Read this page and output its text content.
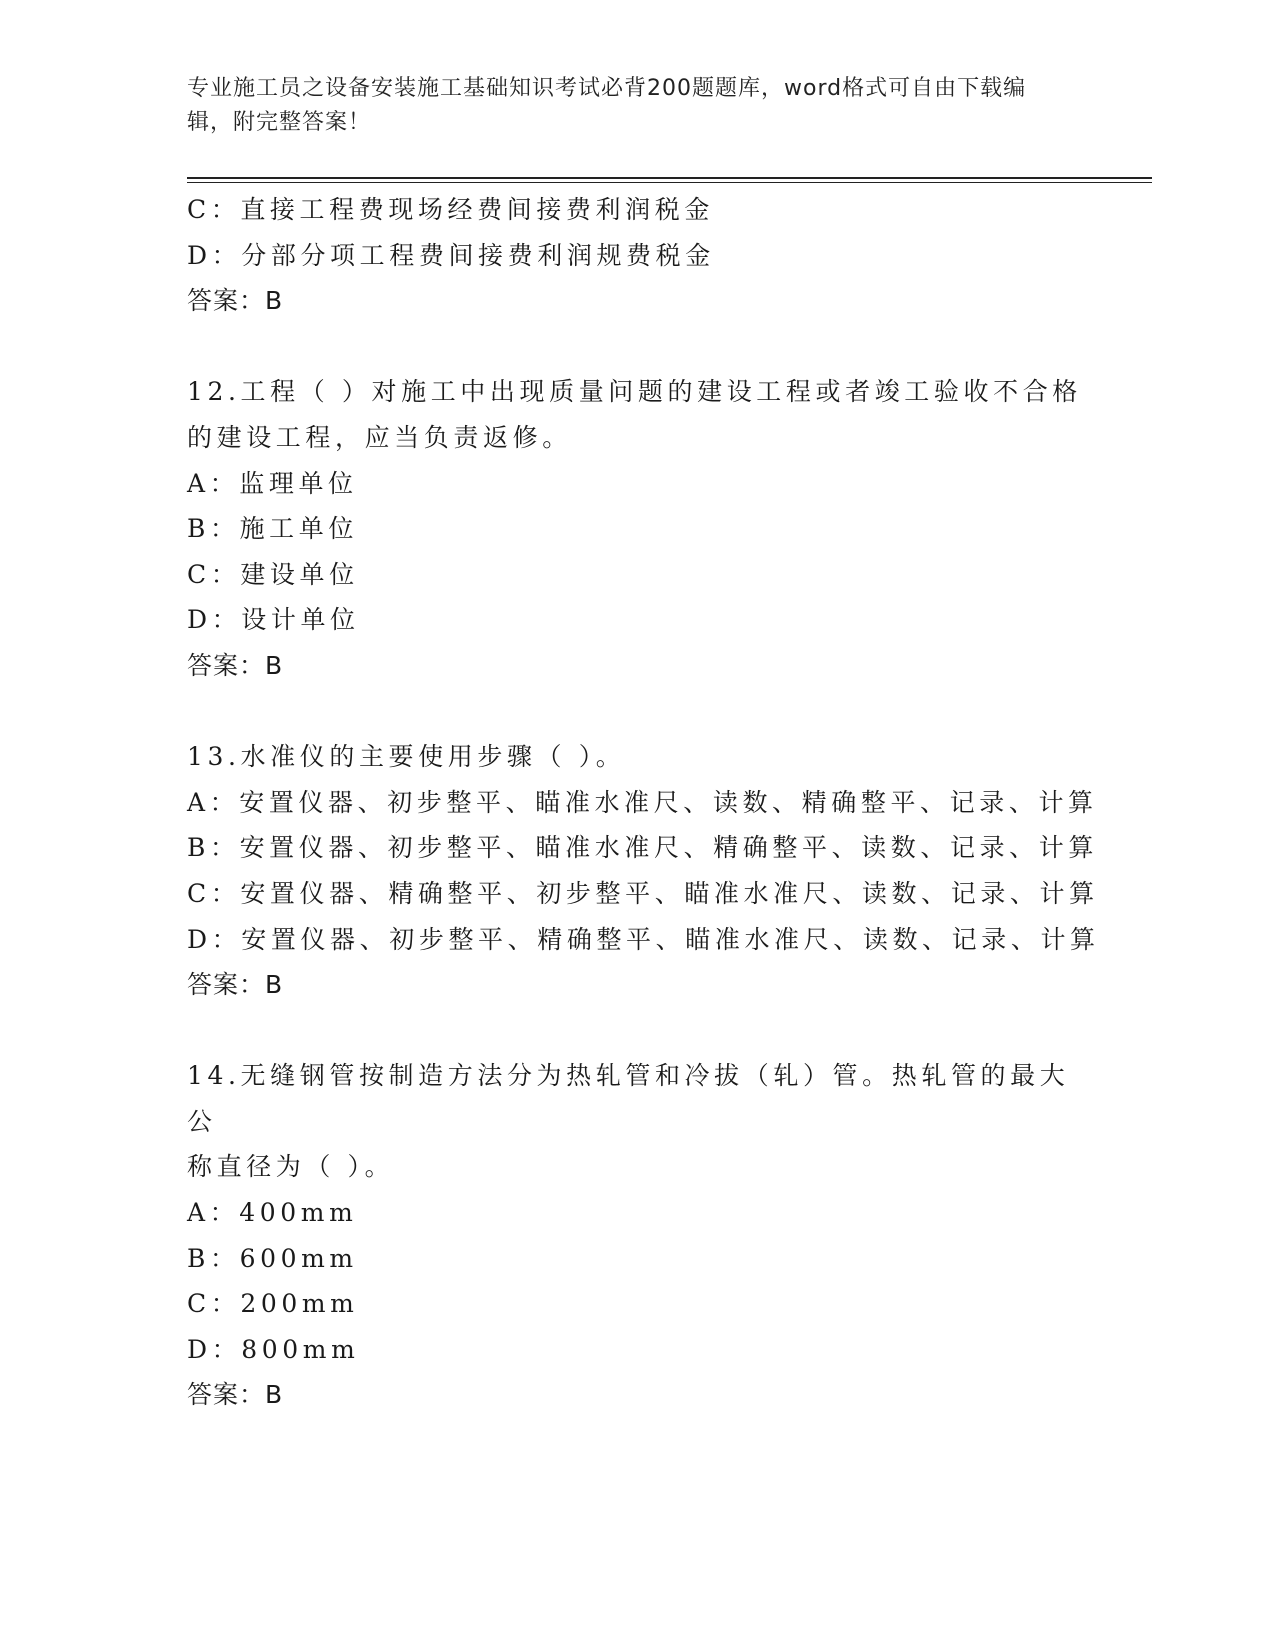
专业施工员之设备安装施工基础知识考试必背200题题库，word格式可自由下载编辑，附完整答案！
C：直接工程费现场经费间接费利润税金
D：分部分项工程费间接费利润规费税金
答案：B
12.工程（ ）对施工中出现质量问题的建设工程或者竣工验收不合格
的建设工程，应当负责返修。
A：监理单位
B：施工单位
C：建设单位
D：设计单位
答案：B
13.水准仪的主要使用步骤（ ）。
A：安置仪器、初步整平、瞄准水准尺、读数、精确整平、记录、计算
B：安置仪器、初步整平、瞄准水准尺、精确整平、读数、记录、计算
C：安置仪器、精确整平、初步整平、瞄准水准尺、读数、记录、计算
D：安置仪器、初步整平、精确整平、瞄准水准尺、读数、记录、计算
答案：B
14.无缝钢管按制造方法分为热轧管和冷拔（轧）管。热轧管的最大公
称直径为（ ）。
A：400mm
B：600mm
C：200mm
D：800mm
答案：B
